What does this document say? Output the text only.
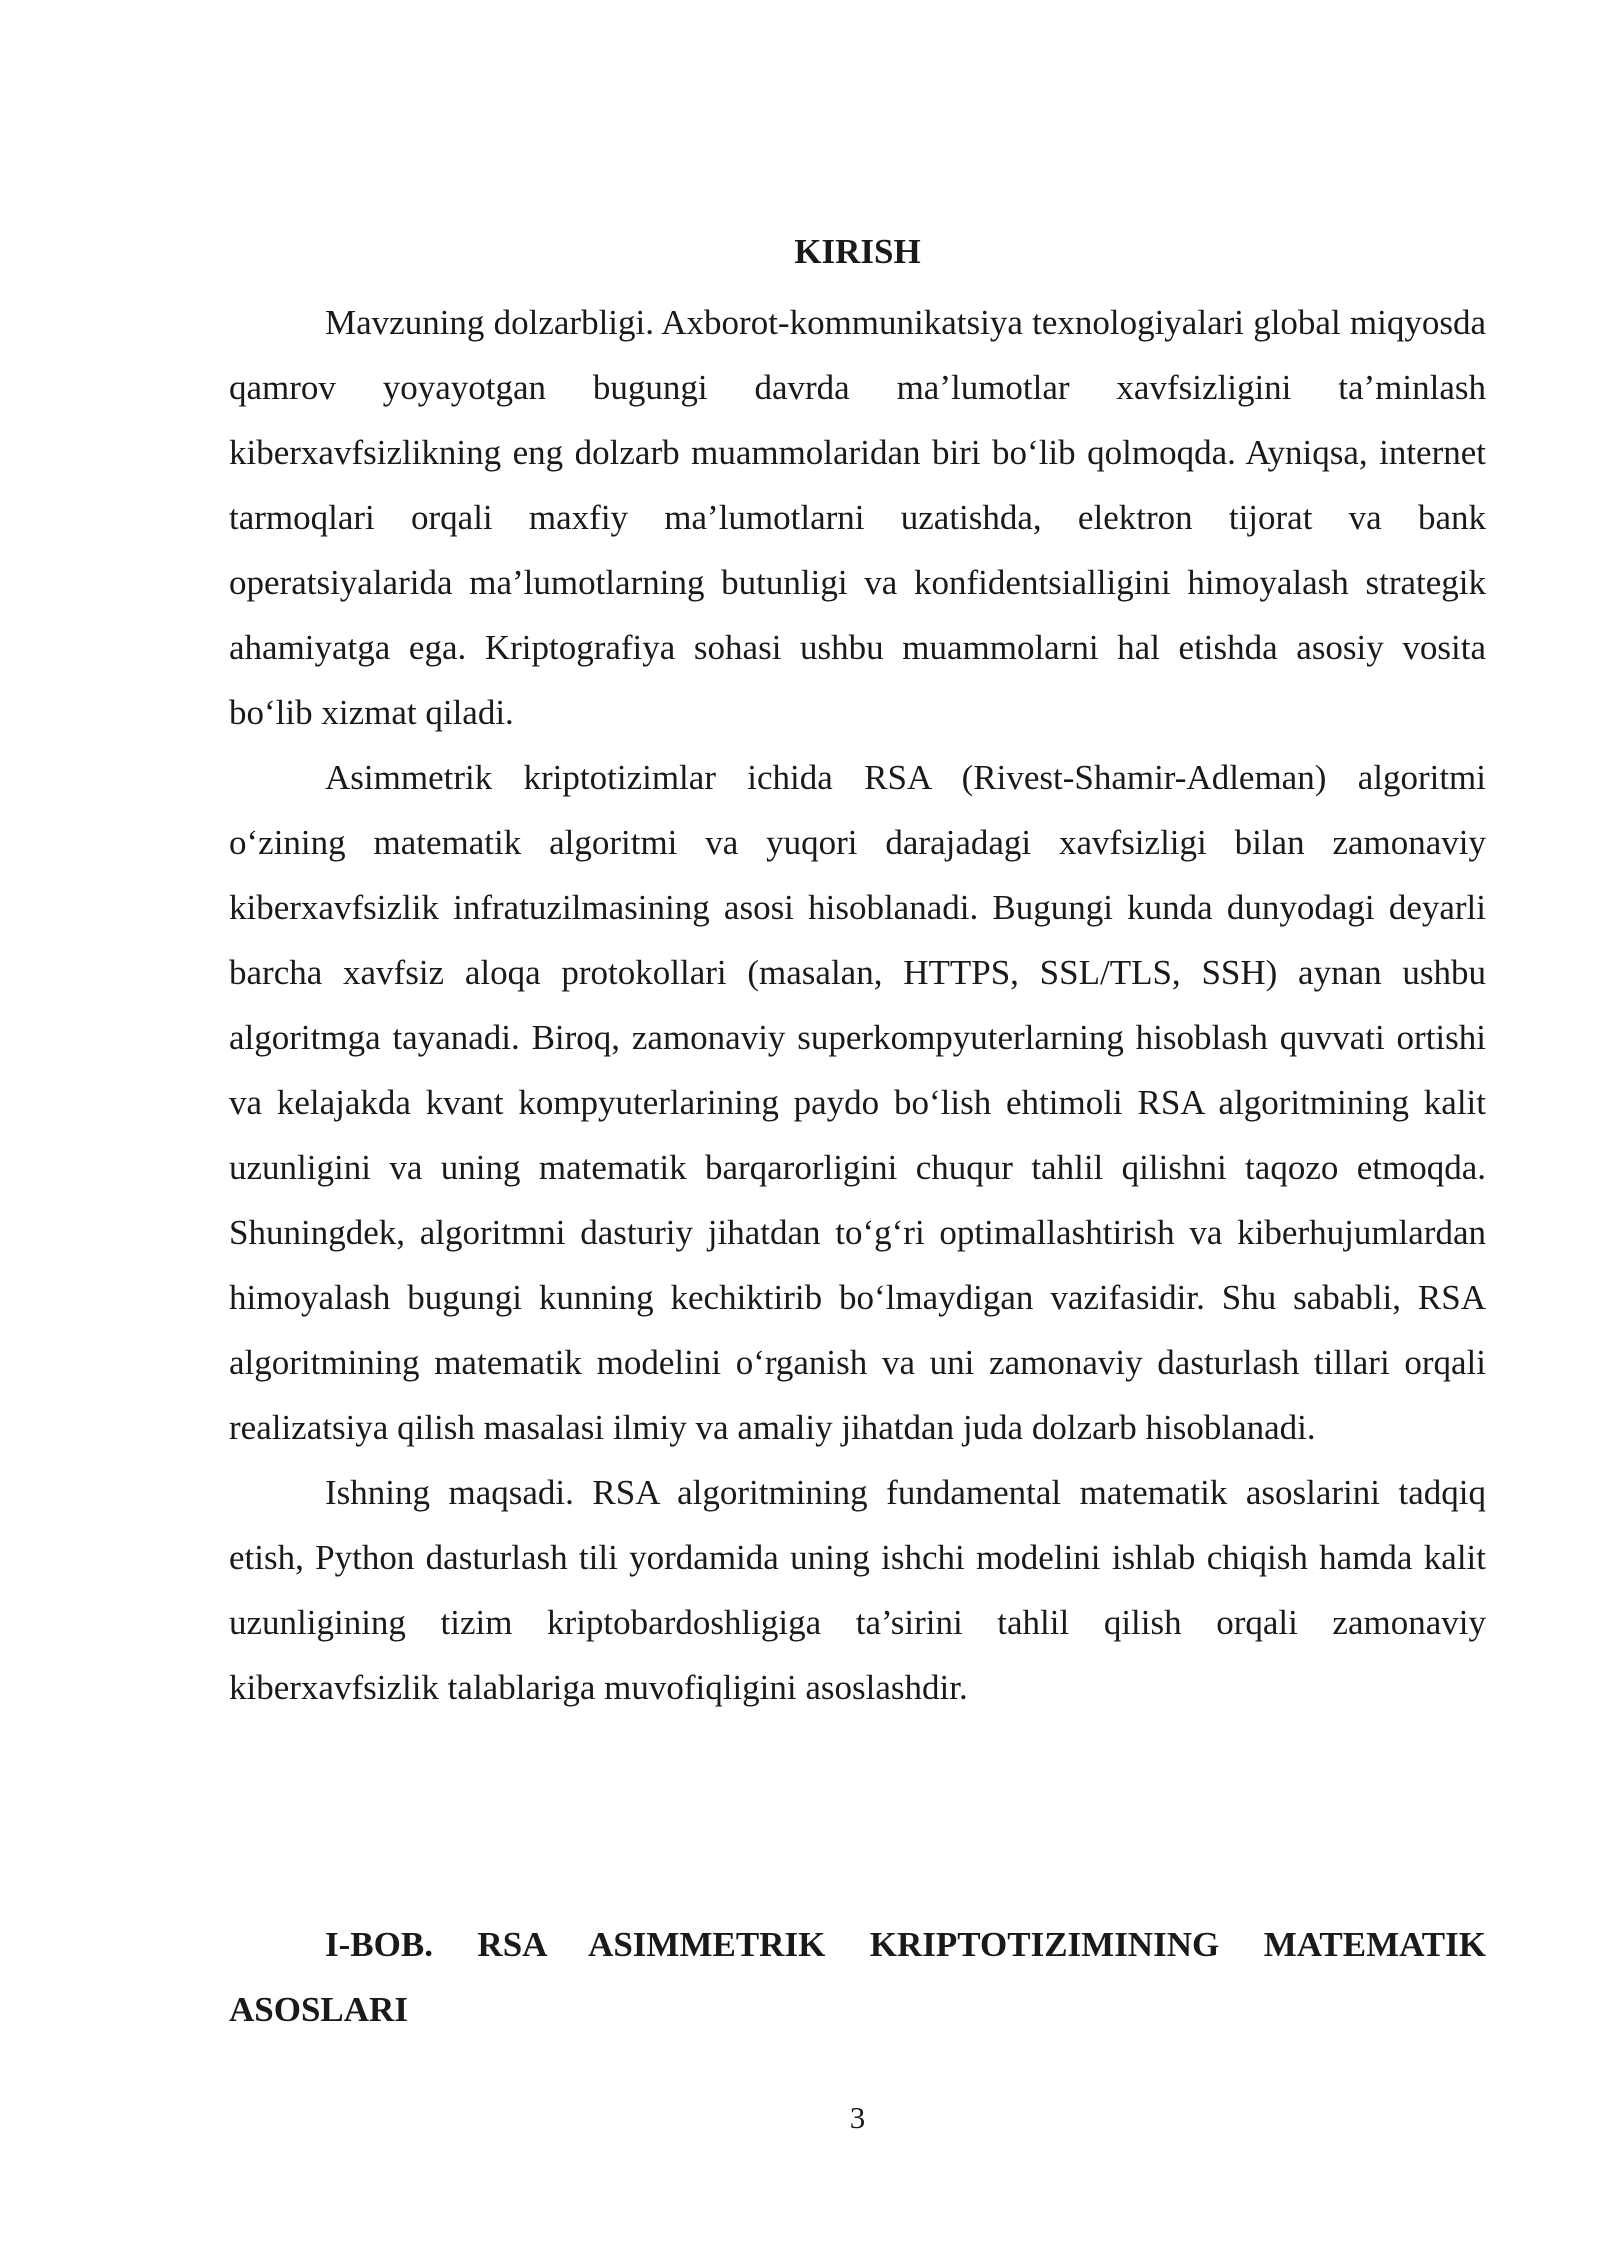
KIRISH

Mavzuning dolzarbligi. Axborot-kommunikatsiya texnologiyalari global miqyosda qamrov yoyayotgan bugungi davrda ma’lumotlar xavfsizligini ta’minlash kiberxavfsizlikning eng dolzarb muammolaridan biri bo‘lib qolmoqda. Ayniqsa, internet tarmoqlari orqali maxfiy ma’lumotlarni uzatishda, elektron tijorat va bank operatsiyalarida ma’lumotlarning butunligi va konfidentsialligini himoyalash strategik ahamiyatga ega. Kriptografiya sohasi ushbu muammolarni hal etishda asosiy vosita bo‘lib xizmat qiladi.

Asimmetrik kriptotizimlar ichida RSA (Rivest-Shamir-Adleman) algoritmi o‘zining matematik algoritmi va yuqori darajadagi xavfsizligi bilan zamonaviy kiberxavfsizlik infratuzilmasining asosi hisoblanadi. Bugungi kunda dunyodagi deyarli barcha xavfsiz aloqa protokollari (masalan, HTTPS, SSL/TLS, SSH) aynan ushbu algoritmga tayanadi. Biroq, zamonaviy superkompyuterlarning hisoblash quvvati ortishi va kelajakda kvant kompyuterlarining paydo bo‘lish ehtimoli RSA algoritmining kalit uzunligini va uning matematik barqarorligini chuqur tahlil qilishni taqozo etmoqda. Shuningdek, algoritmni dasturiy jihatdan to‘g‘ri optimallashtirish va kiberhujumlardan himoyalash bugungi kunning kechiktirib bo‘lmaydigan vazifasidir. Shu sababli, RSA algoritmining matematik modelini o‘rganish va uni zamonaviy dasturlash tillari orqali realizatsiya qilish masalasi ilmiy va amaliy jihatdan juda dolzarb hisoblanadi.

Ishning maqsadi. RSA algoritmining fundamental matematik asoslarini tadqiq etish, Python dasturlash tili yordamida uning ishchi modelini ishlab chiqish hamda kalit uzunligining tizim kriptobardoshligiga ta’sirini tahlil qilish orqali zamonaviy kiberxavfsizlik talablariga muvofiqligini asoslashdir.

I-BOB. RSA ASIMMETRIK KRIPTOTIZIMINING MATEMATIK ASOSLARI
3
